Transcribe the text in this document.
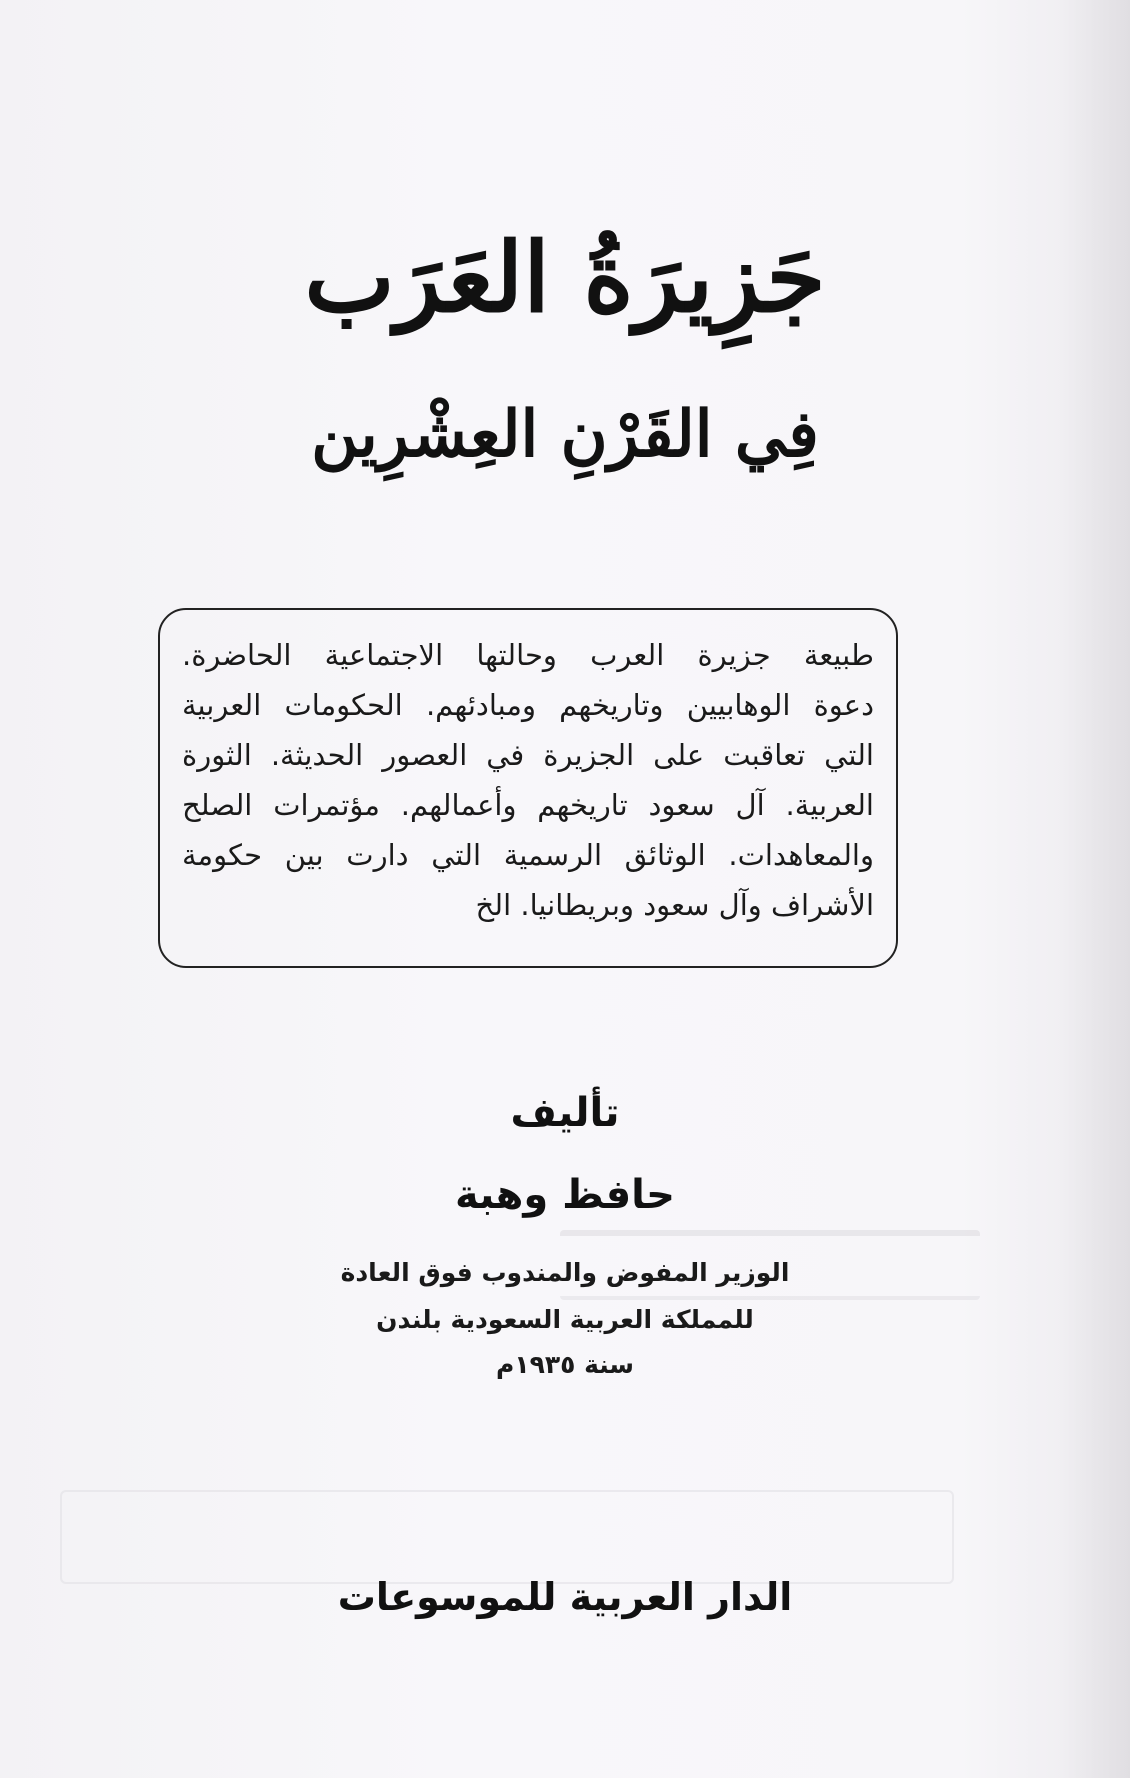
جَزِيرَةُ العَرَب
فِي القَرْنِ العِشْرِين
طبيعة جزيرة العرب وحالتها الاجتماعية الحاضرة.
دعوة الوهابيين وتاريخهم ومبادئهم. الحكومات العربية
التي تعاقبت على الجزيرة في العصور الحديثة. الثورة
العربية. آل سعود تاريخهم وأعمالهم. مؤتمرات الصلح
والمعاهدات. الوثائق الرسمية التي دارت بين حكومة
الأشراف وآل سعود وبريطانيا. الخ
تأليف
حافظ وهبة
الوزير المفوض والمندوب فوق العادة
للمملكة العربية السعودية بلندن
سنة ١٩٣٥م
الدار العربية للموسوعات
